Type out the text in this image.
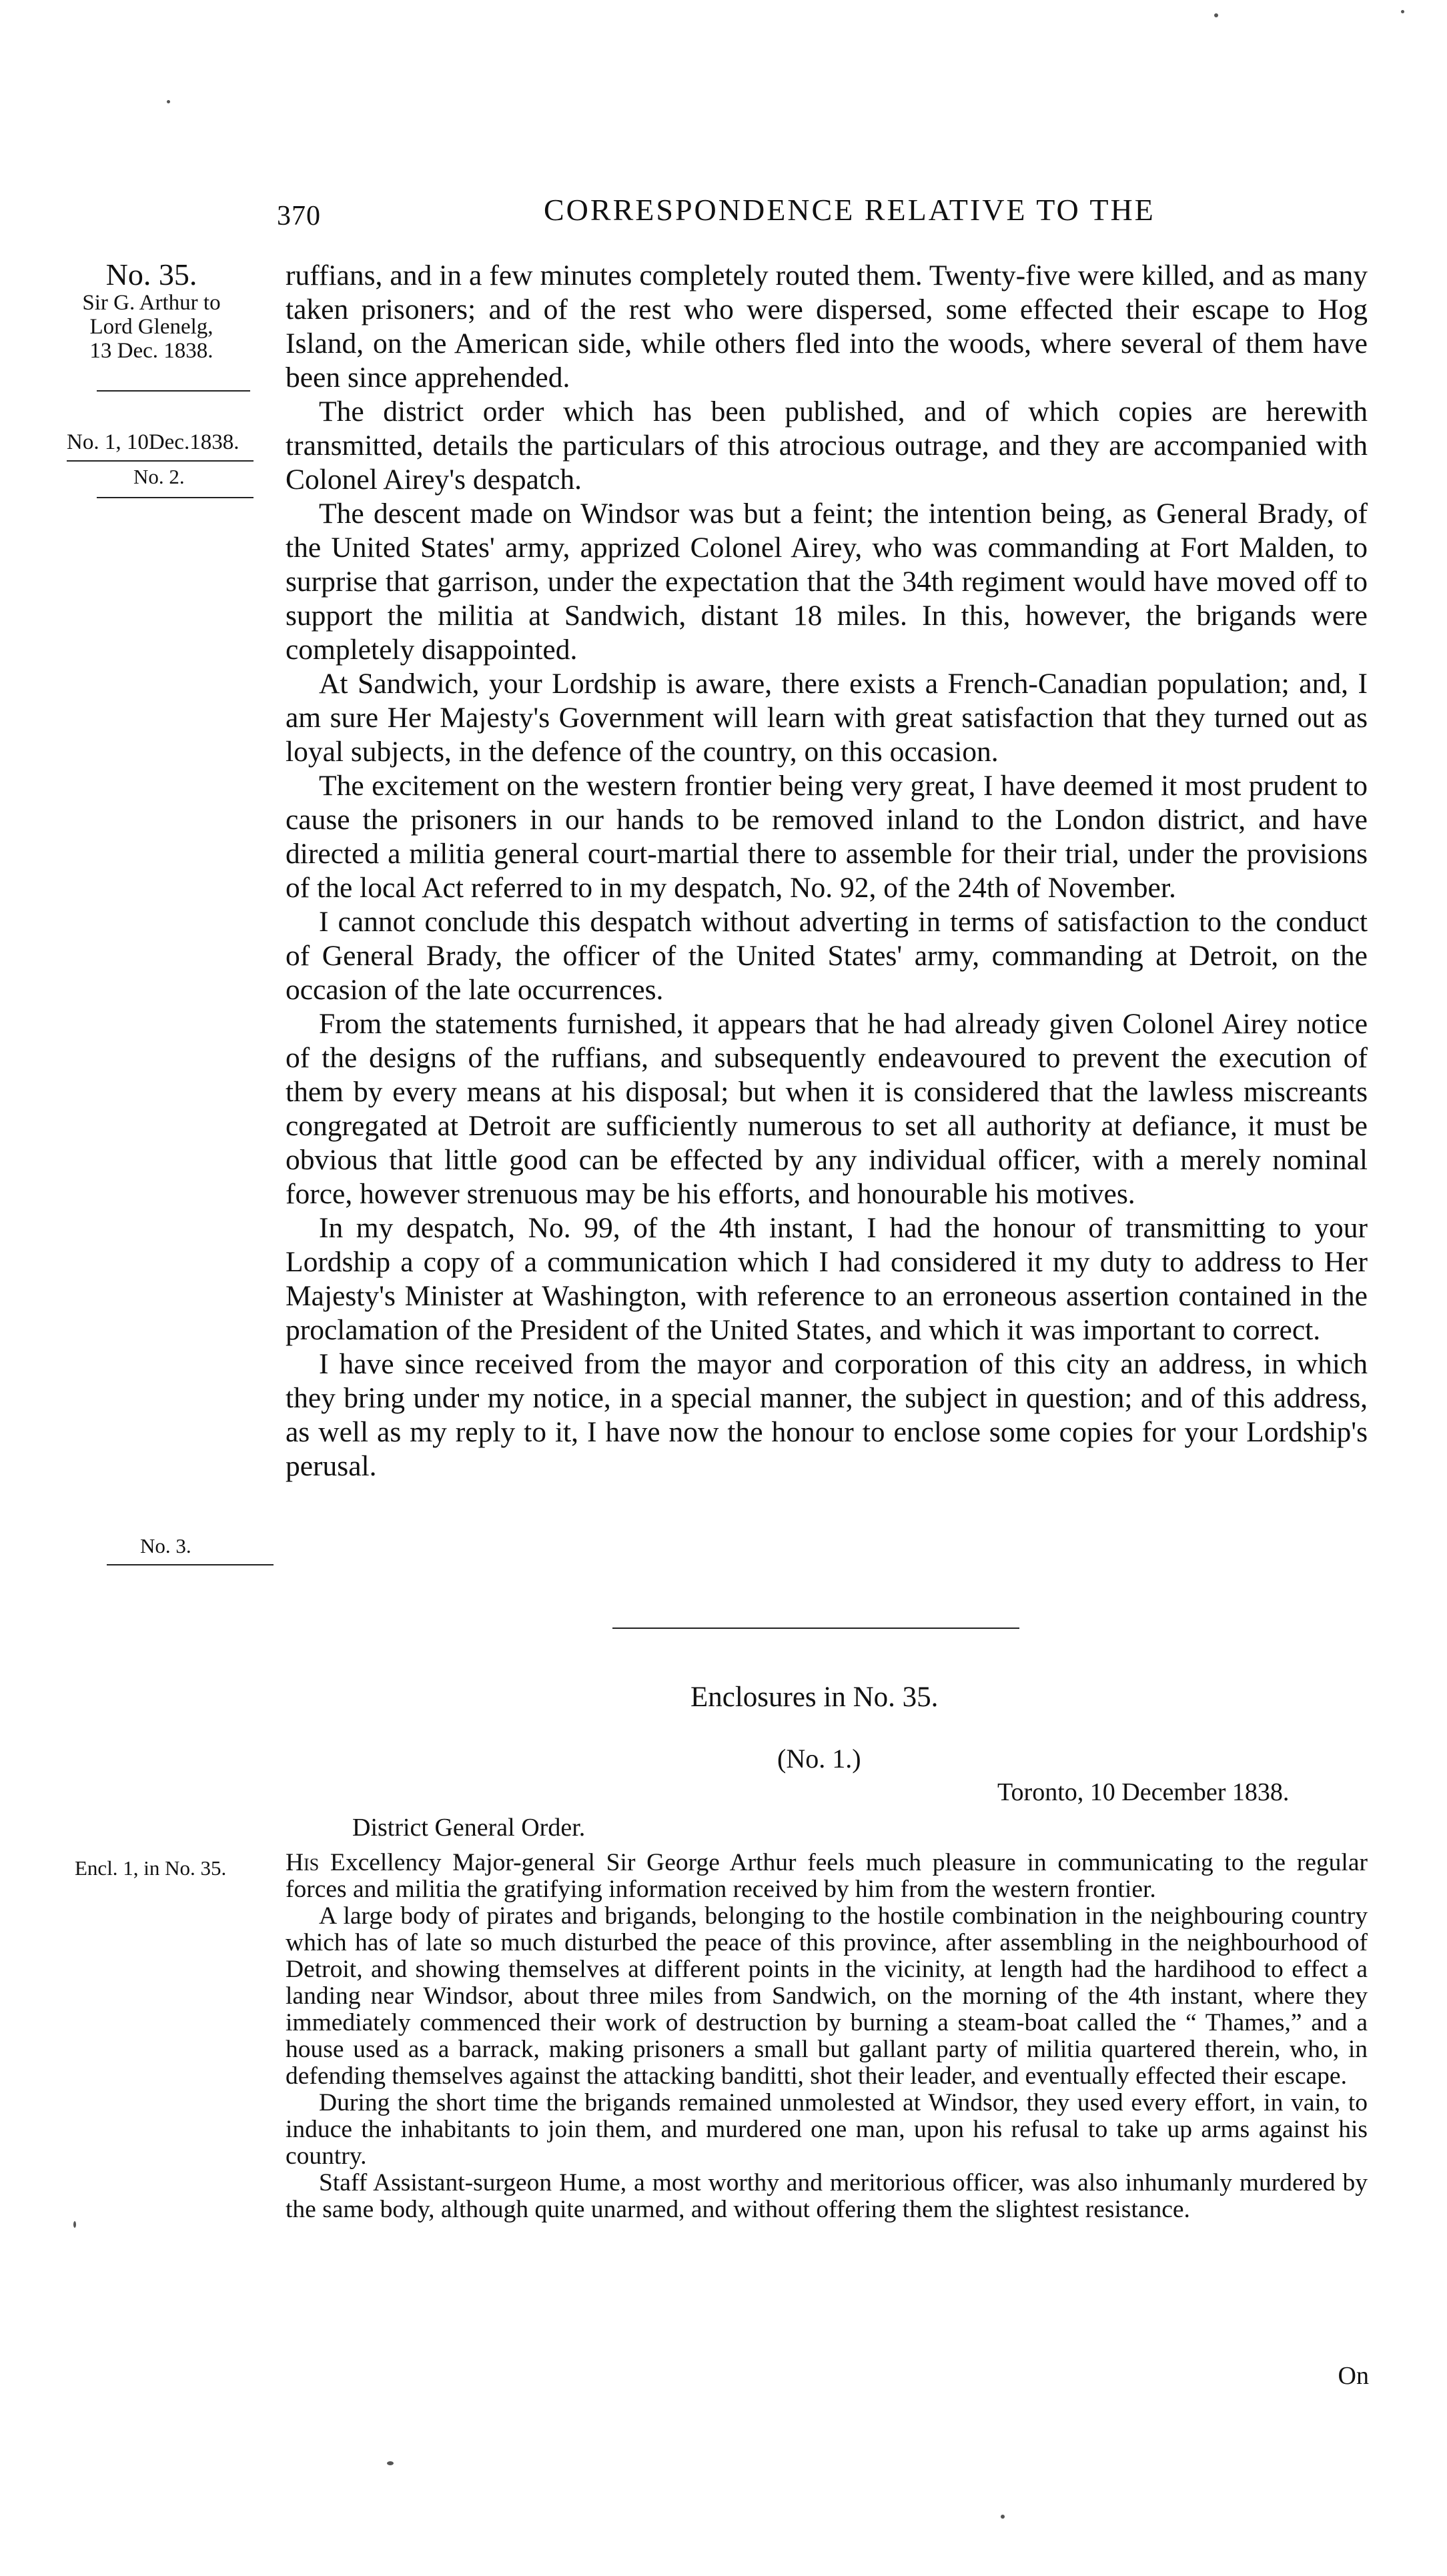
370	CORRESPONDENCE RELATIVE TO THE
No. 35.
Sir G. Arthur to
Lord Glenelg,
13 Dec. 1838.
No. 1, 10Dec.1838.
No. 2.
No. 3.
Encl. 1, in No. 35.

ruffians, and in a few minutes completely routed them. Twenty-five were killed, and as many taken prisoners; and of the rest who were dispersed, some effected their escape to Hog Island, on the American side, while others fled into the woods, where several of them have been since apprehended.

The district order which has been published, and of which copies are herewith transmitted, details the particulars of this atrocious outrage, and they are accompanied with Colonel Airey's despatch.

The descent made on Windsor was but a feint; the intention being, as General Brady, of the United States' army, apprized Colonel Airey, who was commanding at Fort Malden, to surprise that garrison, under the expectation that the 34th regiment would have moved off to support the militia at Sandwich, distant 18 miles. In this, however, the brigands were completely disappointed.

At Sandwich, your Lordship is aware, there exists a French-Canadian population; and, I am sure Her Majesty's Government will learn with great satisfaction that they turned out as loyal subjects, in the defence of the country, on this occasion.

The excitement on the western frontier being very great, I have deemed it most prudent to cause the prisoners in our hands to be removed inland to the London district, and have directed a militia general court-martial there to assemble for their trial, under the provisions of the local Act referred to in my despatch, No. 92, of the 24th of November.

I cannot conclude this despatch without adverting in terms of satisfaction to the conduct of General Brady, the officer of the United States' army, commanding at Detroit, on the occasion of the late occurrences.

From the statements furnished, it appears that he had already given Colonel Airey notice of the designs of the ruffians, and subsequently endeavoured to prevent the execution of them by every means at his disposal; but when it is considered that the lawless miscreants congregated at Detroit are sufficiently numerous to set all authority at defiance, it must be obvious that little good can be effected by any individual officer, with a merely nominal force, however strenuous may be his efforts, and honourable his motives.

In my despatch, No. 99, of the 4th instant, I had the honour of transmitting to your Lordship a copy of a communication which I had considered it my duty to address to Her Majesty's Minister at Washington, with reference to an erroneous assertion contained in the proclamation of the President of the United States, and which it was important to correct.

I have since received from the mayor and corporation of this city an address, in which they bring under my notice, in a special manner, the subject in question; and of this address, as well as my reply to it, I have now the honour to enclose some copies for your Lordship's perusal.

Enclosures in No. 35.
(No. 1.)
Toronto, 10 December 1838.
District General Order.

His Excellency Major-general Sir George Arthur feels much pleasure in communicating to the regular forces and militia the gratifying information received by him from the western frontier.

A large body of pirates and brigands, belonging to the hostile combination in the neighbouring country which has of late so much disturbed the peace of this province, after assembling in the neighbourhood of Detroit, and showing themselves at different points in the vicinity, at length had the hardihood to effect a landing near Windsor, about three miles from Sandwich, on the morning of the 4th instant, where they immediately commenced their work of destruction by burning a steam-boat called the “ Thames,” and a house used as a barrack, making prisoners a small but gallant party of militia quartered therein, who, in defending themselves against the attacking banditti, shot their leader, and eventually effected their escape.

During the short time the brigands remained unmolested at Windsor, they used every effort, in vain, to induce the inhabitants to join them, and murdered one man, upon his refusal to take up arms against his country.

Staff Assistant-surgeon Hume, a most worthy and meritorious officer, was also inhumanly murdered by the same body, although quite unarmed, and without offering them the slightest resistance.

On
